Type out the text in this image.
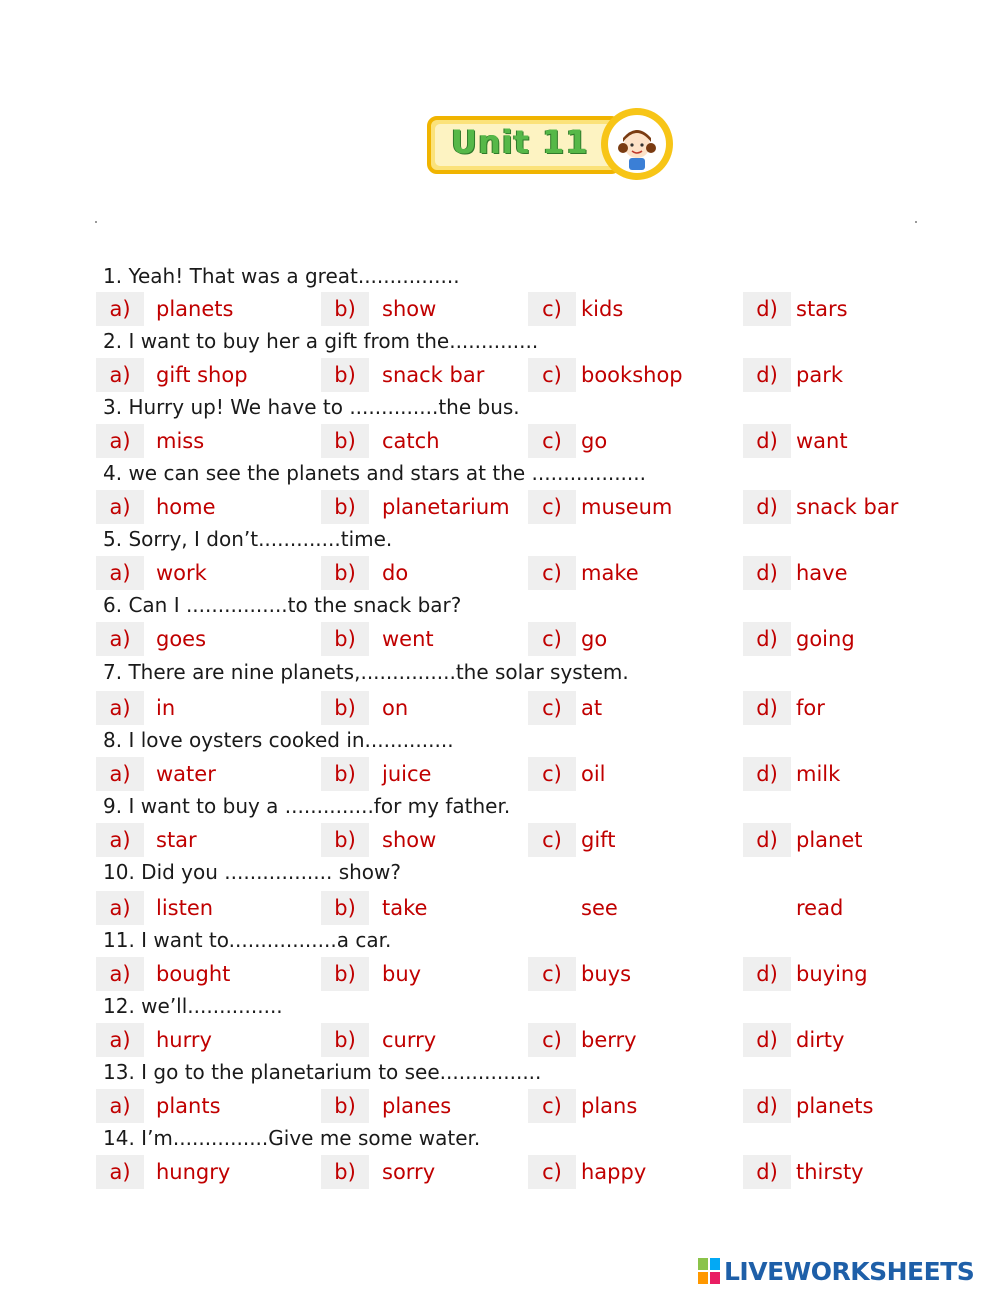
Unit 11
1. Yeah! That was a great................
a)	planets	b)	show	c) kids	d) stars
2. I want to buy her a gift from the..............
a)	gift shop	b)	snack bar	c) bookshop	d) park
3. Hurry up! We have to ..............the bus.
a)	miss	b)	catch	c) go	d) want
4. we can see the planets and stars at the ..................
a)	home	b)	planetarium	c) museum	d) snack bar
5. Sorry, I don’t.............time.
a)	work	b)	do	c) make	d) have
6. Can I ................to the snack bar?
a)	goes	b)	went	c) go	d) going
7. There are nine planets,...............the solar system.
a)	in	b)	on	c) at	d) for
8. I love oysters cooked in..............
a)	water	b)	juice	c) oil	d) milk
9. I want to buy a ..............for my father.
a)	star	b)	show	c) gift	d) planet
10. Did you ................. show?
a)	listen	b)	take	see	read
11. I want to.................a car.
a)	bought	b)	buy	c) buys	d) buying
12. we’ll...............
a)	hurry	b)	curry	c) berry	d) dirty
13. I go to the planetarium to see................
a)	plants	b)	planes	c) plans	d) planets
14. I’m...............Give me some water.
a)	hungry	b)	sorry	c) happy	d) thirsty
LIVEWORKSHEETS
